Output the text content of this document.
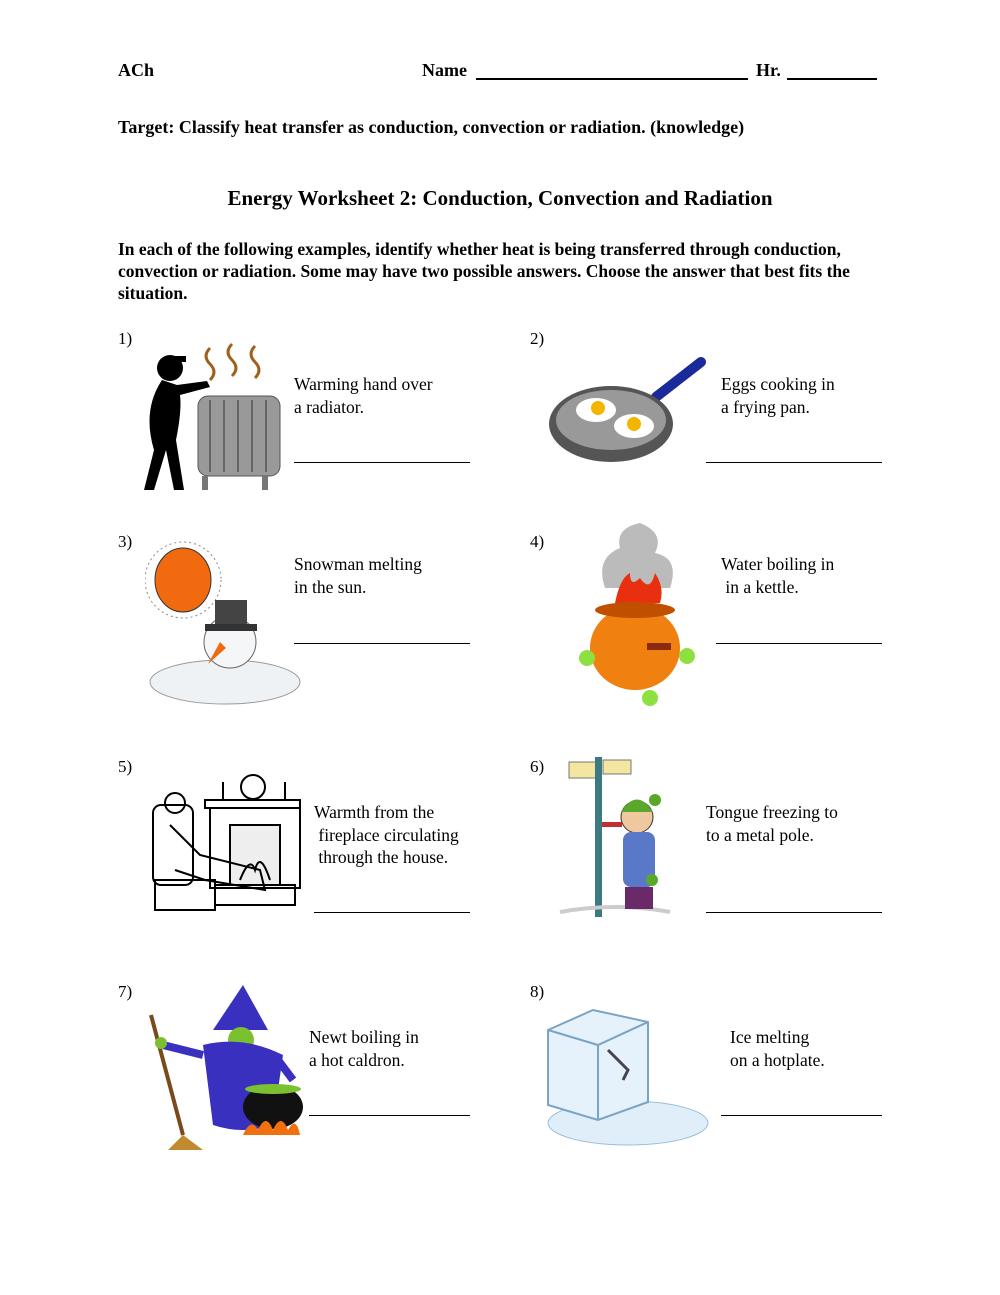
ACh	Name	Hr.
Target: Classify heat transfer as conduction, convection or radiation. (knowledge)
Energy Worksheet 2: Conduction, Convection and Radiation
In each of the following examples, identify whether heat is being transferred through conduction, convection or radiation. Some may have two possible answers. Choose the answer that best fits the situation.
1)
Warming hand over
a radiator.
2)
Eggs cooking in
a frying pan.
3)
Snowman melting
in the sun.
4)
Water boiling in
in a kettle.
5)
Warmth from the
fireplace circulating
through the house.
6)
Tongue freezing to
to a metal pole.
7)
Newt boiling in
a hot caldron.
8)
Ice melting
on a hotplate.
